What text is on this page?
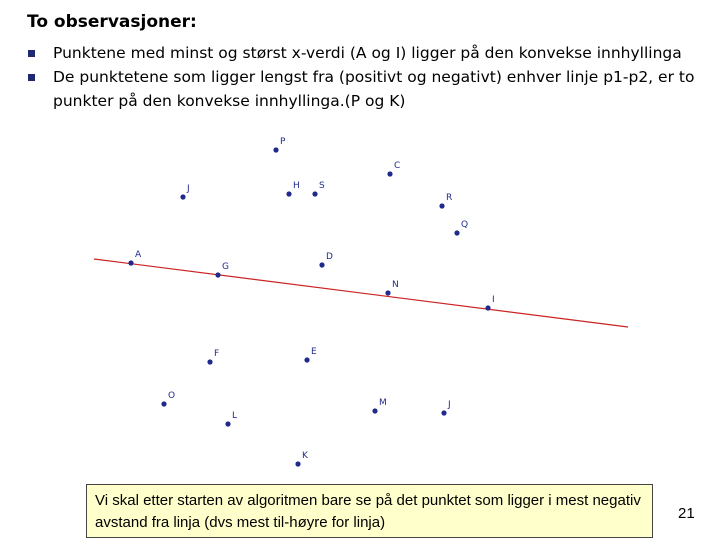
To observasjoner:
Punktene med minst og størst x-verdi (A og I) ligger på den konvekse innhyllinga
De punktetene som ligger lengst fra (positivt og negativt) enhver linje p1-p2, er to punkter på den konvekse innhyllinga.(P og K)
P
J	H S
C
R
Q
A
G
D
N
I
F	E
O
M	J
L
K
Vi skal etter starten av algoritmen bare se på det punktet som ligger i mest negativ avstand fra linja (dvs mest til-høyre for linja)
21
